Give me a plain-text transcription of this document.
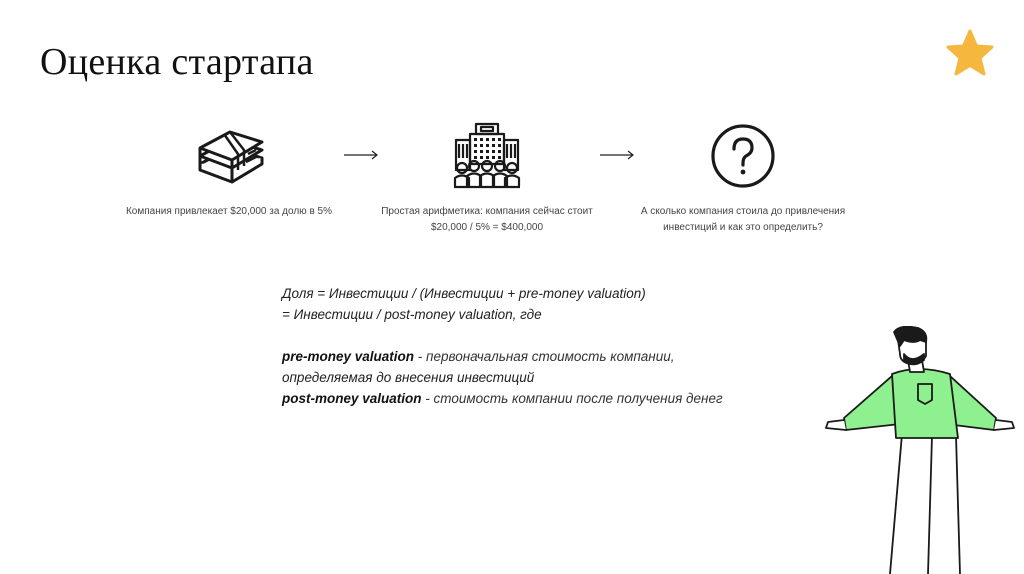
Оценка стартапа

Компания привлекает $20,000 за долю в 5%	Простая арифметика: компания сейчас стоит
$20,000 / 5% = $400,000

А сколько компания стоила до привлечения
инвестиций и как это определить?

Доля = Инвестиции / (Инвестиции + pre-money valuation)

= Инвестиции / post-money valuation, где

pre-money valuation - первоначальная стоимость компании,

определяемая до внесения инвестиций

post-money valuation - стоимость компании после получения денег
